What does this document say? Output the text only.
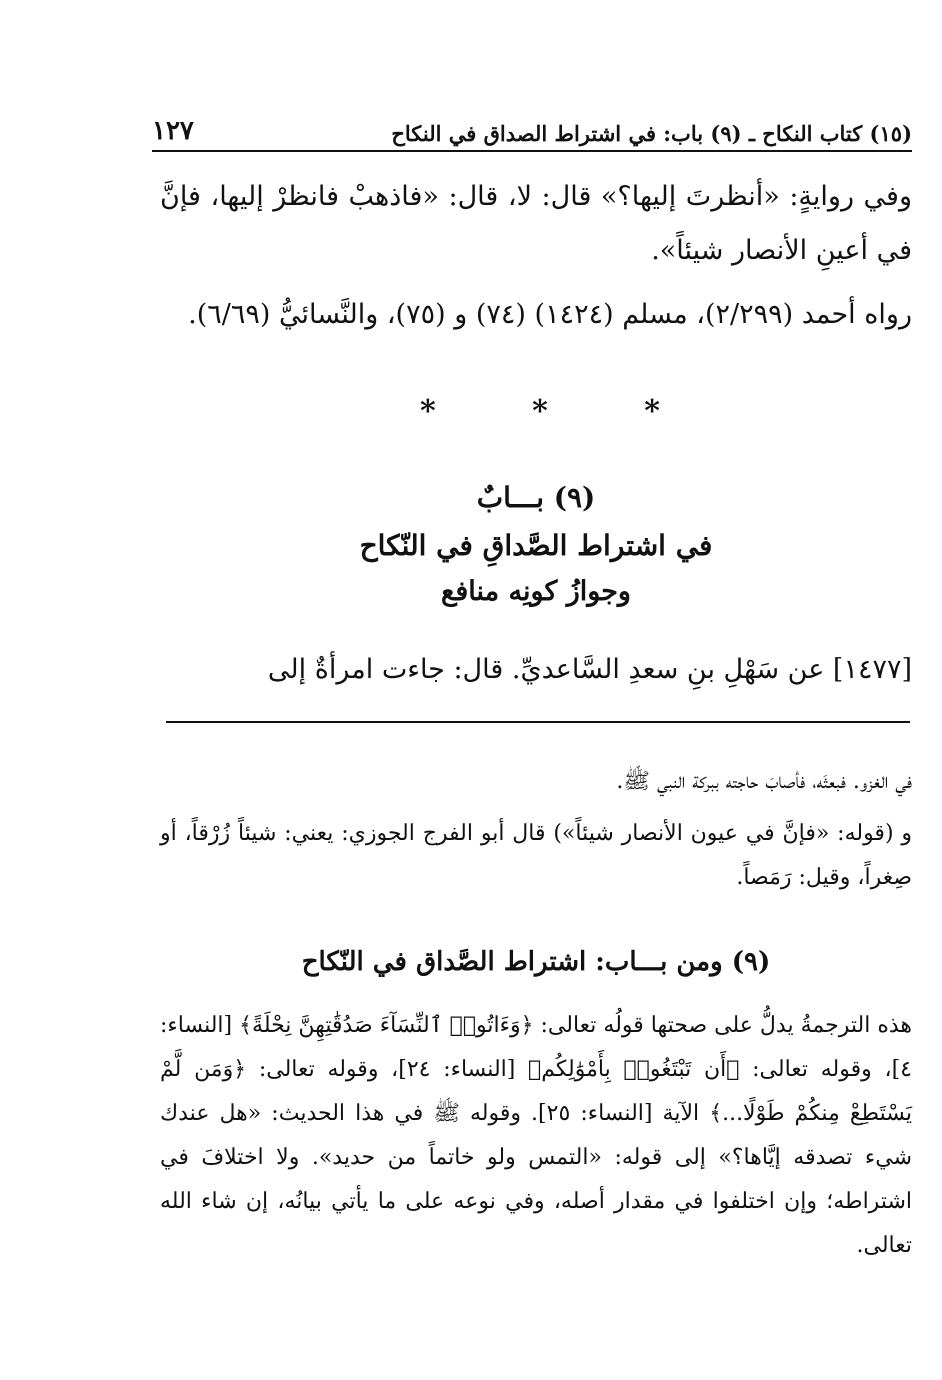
(١٥) كتاب النكاح ـ (٩) باب: في اشتراط الصداق في النكاح
١٢٧

وفي روايةٍ: «أنظرتَ إليها؟» قال: لا، قال: «فاذهبْ فانظرْ إليها، فإنَّ في أعينِ الأنصار شيئاً».

رواه أحمد (٢/٢٩٩)، مسلم (١٤٢٤) (٧٤) و (٧٥)، والنَّسائيُّ (٦/٦٩).

*
*
*
(٩) بـــابٌ
في اشتراط الصَّداقِ في النّكاح
وجوازُ كونِه منافع
[١٤٧٧] عن سَهْلِ بنِ سعدِ السَّاعديِّ. قال: جاءت امرأةٌ إلى

في الغزو. فبعثَه، فأصابَ حاجته ببركة النبي ﷺ.

و (قوله: «فإنَّ في عيون الأنصار شيئاً») قال أبو الفرج الجوزي: يعني: شيئاً زُرْقاً، أو صِغراً، وقيل: رَمَصاً.

(٩) ومن بـــاب: اشتراط الصَّداق في النّكاح

هذه الترجمةُ يدلُّ على صحتها قولُه تعالى: ﴿وَءَاتُوا۟ ٱلنِّسَآءَ صَدُقَٰتِهِنَّ نِحْلَةً﴾ [النساء: ٤]، وقوله تعالى: ﴿أَن تَبْتَغُوا۟ بِأَمْوَٰلِكُم﴾ [النساء: ٢٤]، وقوله تعالى: ﴿وَمَن لَّمْ يَسْتَطِعْ مِنكُمْ طَوْلًا...﴾ الآية [النساء: ٢٥]. وقوله ﷺ في هذا الحديث: «هل عندك شيء تصدقه إيَّاها؟» إلى قوله: «التمس ولو خاتماً من حديد». ولا اختلافَ في اشتراطه؛ وإن اختلفوا في مقدار أصله، وفي نوعه على ما يأتي بيانُه، إن شاء الله تعالى.
